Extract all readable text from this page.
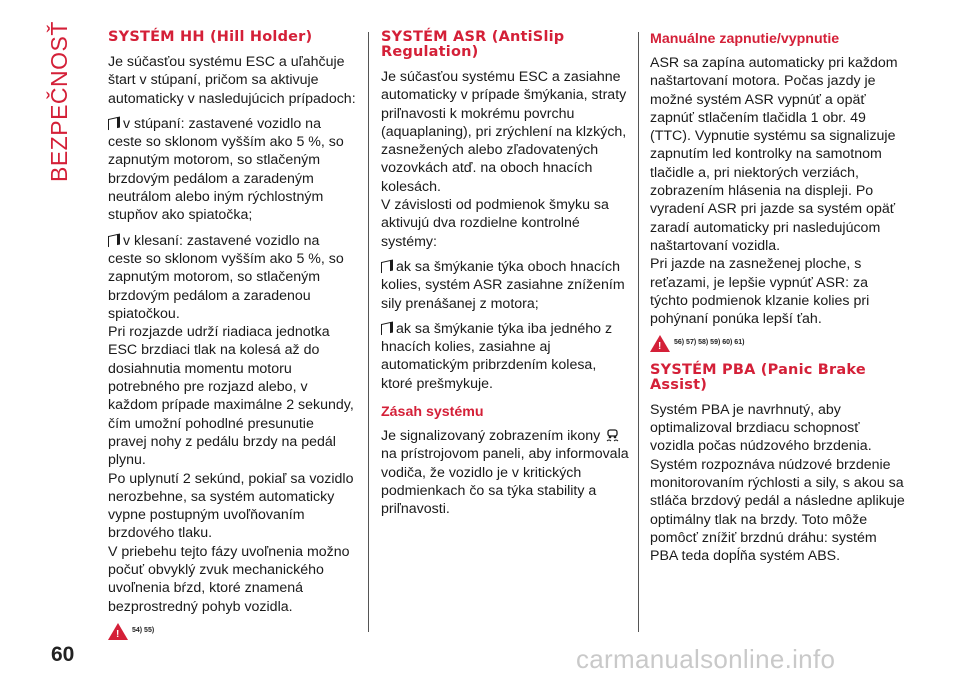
BEZPEČNOSŤ SYSTÉM HH (Hill Holder)

Je súčasťou systému ESC a uľahčuje štart v stúpaní, pričom sa aktivuje automaticky v nasledujúcich prípadoch:

v stúpaní: zastavené vozidlo na ceste so sklonom vyšším ako 5 %, so zapnutým motorom, so stlačeným brzdovým pedálom a zaradeným neutrálom alebo iným rýchlostným stupňov ako spiatočka;

v klesaní: zastavené vozidlo na ceste so sklonom vyšším ako 5 %, so zapnutým motorom, so stlačeným brzdovým pedálom a zaradenou spiatočkou.

Pri rozjazde udrží riadiaca jednotka ESC brzdiaci tlak na kolesá až do dosiahnutia momentu motoru potrebného pre rozjazd alebo, v každom prípade maximálne 2 sekundy, čím umožní pohodlné presunutie pravej nohy z pedálu brzdy na pedál plynu.

Po uplynutí 2 sekúnd, pokiaľ sa vozidlo nerozbehne, sa systém automaticky vypne postupným uvoľňovaním brzdového tlaku.

V priebehu tejto fázy uvoľnenia možno počuť obvyklý zvuk mechanického uvoľnenia bŕzd, ktoré znamená bezprostredný pohyb vozidla.

!
54) 55)
SYSTÉM ASR (AntiSlip Regulation)

Je súčasťou systému ESC a zasiahne automaticky v prípade šmýkania, straty priľnavosti k mokrému povrchu (aquaplaning), pri zrýchlení na klzkých, zasnežených alebo zľadovatených vozovkách atď. na oboch hnacích kolesách.

V závislosti od podmienok šmyku sa aktivujú dva rozdielne kontrolné systémy:

ak sa šmýkanie týka oboch hnacích kolies, systém ASR zasiahne znížením sily prenášanej z motora;

ak sa šmýkanie týka iba jedného z hnacích kolies, zasiahne aj automatickým pribrzdením kolesa, ktoré prešmykuje.

Zásah systému

Je signalizovaný zobrazením ikony  na prístrojovom paneli, aby informovala vodiča, že vozidlo je v kritických podmienkach čo sa týka stability a priľnavosti.

Manuálne zapnutie/vypnutie

ASR sa zapína automaticky pri každom naštartovaní motora. Počas jazdy je možné systém ASR vypnúť a opäť zapnúť stlačením tlačidla 1 obr. 49 (TTC). Vypnutie systému sa signalizuje zapnutím led kontrolky na samotnom tlačidle a, pri niektorých verziách, zobrazením hlásenia na displeji. Po vyradení ASR pri jazde sa systém opäť zaradí automaticky pri nasledujúcom naštartovaní vozidla.

Pri jazde na zasneženej ploche, s reťazami, je lepšie vypnúť ASR: za týchto podmienok klzanie kolies pri pohýnaní ponúka lepší ťah.

!
56) 57) 58) 59) 60) 61)
SYSTÉM PBA (Panic Brake Assist)

Systém PBA je navrhnutý, aby optimalizoval brzdiacu schopnosť vozidla počas núdzového brzdenia. Systém rozpoznáva núdzové brzdenie monitorovaním rýchlosti a sily, s akou sa stláča brzdový pedál a následne aplikuje optimálny tlak na brzdy. Toto môže pomôcť znížiť brzdnú dráhu: systém PBA teda dopĺňa systém ABS.

60	carmanualsonline.info
